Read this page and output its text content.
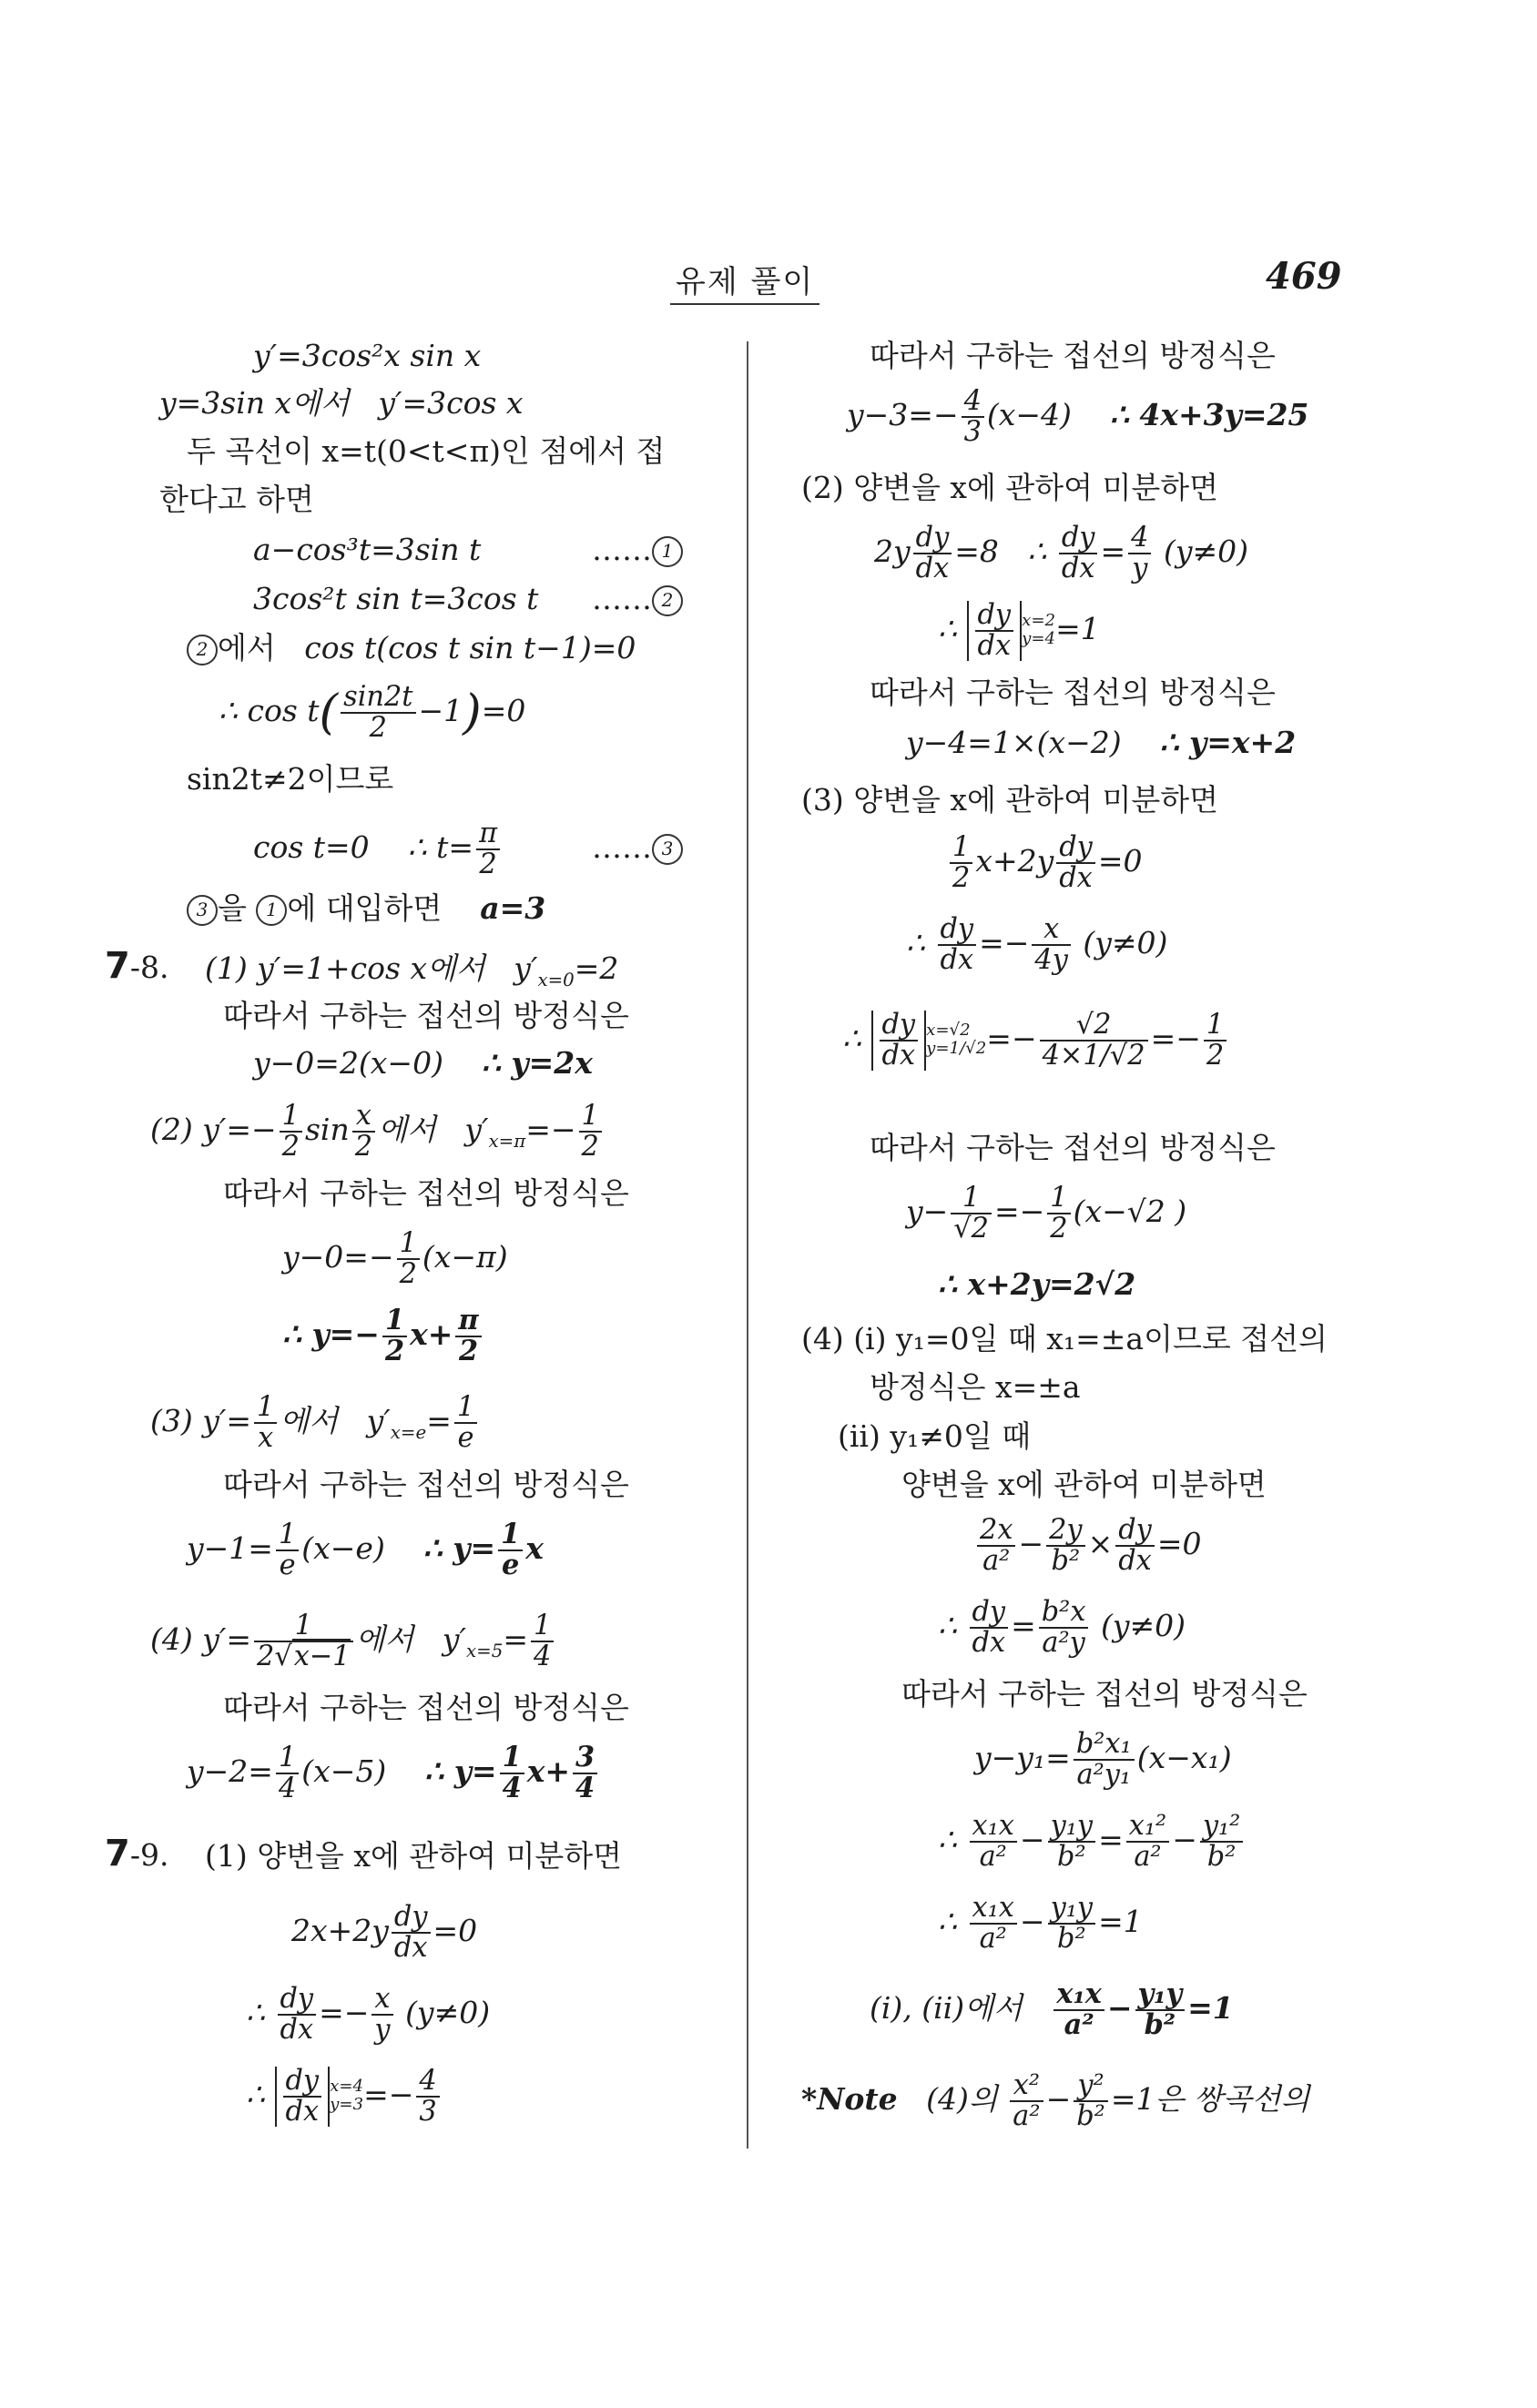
유제 풀이	469
y′=3cos²x sin x
y=3sin x에서 y′=3cos x
두 곡선이 x=t(0<t<π)인 점에서 접
한다고 하면
a−cos³t=3sin t	…… 1
3cos²t sin t=3cos t …… 2
2 에서 cos t(cos t sin t−1)=0
∴ $\cos t( \frac{\sin 2t}{2} -1)=0$
sin2t≠2이므로
cos t=0 ∴ $t= \frac{\pi}{2}$	…… 3
3 을 1 에 대입하면 a=3
7-8. (1) y′=1+cos x에서 $y'_{x=0}=2$
따라서 구하는 접선의 방정식은
y−0=2(x−0) ∴ y=2x
(2) $y'=- \frac{1}{2}$ $\sin \frac{x}{2}$ 에서 $y'_{x=\pi}=- \frac{1}{2}$
따라서 구하는 접선의 방정식은
$y-0=- \frac{1}{2} (x-\pi)$
∴ $y=- \frac{1}{2} x+ \frac{\pi}{2}$
(3) $y'= \frac{1}{x}$ 에서 $y'_{x=e}= \frac{1}{e}$
따라서 구하는 접선의 방정식은
$y-1= \frac{1}{e} (x-e)$ ∴ $y= \frac{1}{e}$ x
(4) $y'= \frac{1}{2√x-1}$ 에서 $y'_{x=5}= \frac{1}{4}$
따라서 구하는 접선의 방정식은
$y-2= \frac{1}{4} (x-5)$ ∴ $y= \frac{1}{4} x+ \frac{3}{4}$
7-9. (1) 양변을 x에 관하여 미분하면
$2x+2y \frac{dy}{dx} =0$
∴ $\frac{dy}{dx} =- \frac{x}{y} (y\ne 0)$
∴ $\frac{dy}{dx} x=4$
$y=3=- \frac{4}{3}$
따라서 구하는 접선의 방정식은
$y-3=- \frac{4}{3} (x-4)$ ∴ 4x+3y=25
(2) 양변을 x에 관하여 미분하면
$2y \frac{dy}{dx} =8$ ∴ $\frac{dy}{dx} = \frac{4}{y} (y\ne 0)$
∴ $\frac{dy}{dx} x=2$
y=4=1
따라서 구하는 접선의 방정식은
y−4=1×(x−2) ∴ y=x+2
(3) 양변을 x에 관하여 미분하면
$\frac{1}{2} x+2y \frac{dy}{dx} =0$
∴ $\frac{dy}{dx} =- \frac{x}{4y} (y\ne 0)$
∴ $\frac{dy}{dx} x=√2$
$y=1/√2=- \frac{√2}{4\times 1/√2} =- \frac{1}{2}$
따라서 구하는 접선의 방정식은
$y- \frac{1}{√2} =- \frac{1}{2} (x-√2$ )
∴ x+2y=2√2
(4) (ⅰ) y₁=0일 때 x₁=±a이므로 접선의
방정식은 x=±a
(ⅱ) y₁≠0일 때
양변을 x에 관하여 미분하면
$\frac{2x}{\text{a²}} - \frac{2y}{\text{b²}} \times \frac{dy}{dx} =0$
∴ $\frac{dy}{dx} = \frac{\text{b²x}}{\text{a²y}} (y\ne 0)$
따라서 구하는 접선의 방정식은
$y-y_1= \frac{\text{b²x₁}}{\text{a²y₁}} (x-x_1)$
∴ $\frac{\text{x₁x}}{\text{a²}} - \frac{\text{y₁y}}{\text{b²}} = \frac{\text{x₁²}}{\text{a²}} - \frac{\text{y₁²}}{\text{b²}}$
∴ $\frac{\text{x₁x}}{\text{a²}} - \frac{\text{y₁y}}{\text{b²}} =1$
(ⅰ), (ⅱ)에서 $\frac{\text{x₁x}}{\text{a²}} - \frac{\text{y₁y}}{\text{b²}} =1$
*Note (4)의 $\frac{\text{x²}}{\text{a²}} - \frac{\text{y²}}{\text{b²}} =1$은 쌍곡선의
